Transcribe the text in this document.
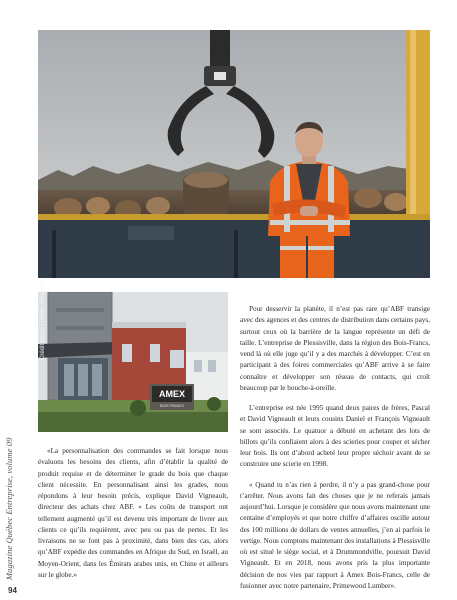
AMEX
BOIS FRANCS
Crédit photo : Pierre Bourcier	Pour desservir la planète, il n’est pas rare qu’ABF transige avec des agences et des centres de distribution dans certains pays, surtout ceux où la barrière de la langue représente un défi de taille. L’entreprise de Plessisville, dans la région des Bois-Francs, vend là où elle juge qu’il y a des marchés à développer. C’est en participant à des foires commerciales qu’ABF arrive à se faire connaître et développer son réseau de contacts, qui croît beaucoup par le bouche-à-oreille.

L’entreprise est née 1995 quand deux paires de frères, Pascal et David Vigneault et leurs cousins Daniel et François Vigneault se sont associés. Le quatuor a débuté en achetant des lots de billots qu’ils confiaient alors à des scieries pour couper et sécher leur bois. Ils ont d’abord acheté leur propre séchoir avant de se construire une scierie en 1998.

« Quand tu n’as rien à perdre, il n’y a pas grand-chose pour t’arrêter. Nous avons fait des choses que je ne referais jamais aujourd’hui. Lorsque je considère que nous avons maintenant une centaine d’employés et que notre chiffre d’affaires oscille autour des 100 millions de dollars de ventes annuelles, j’en ai parfois le vertige. Nous comptons maintenant des installations à Plessisville où est situé le siège social, et à Drummondville, poursuit David Vigneault. Et en 2018, nous avons pris la plus importante décision de nos vies par rapport à Amex Bois-Francs, celle de fusionner avec notre partenaire, Primewood Lumber».

«La personnalisation des commandes se fait lorsque nous évaluons les besoins des clients, afin d’établir la qualité de produit requise et de déterminer le grade du bois que chaque client nécessite. En personnalisant ainsi les grades, nous répondons à leur besoin précis, explique David Vigneault, directeur des achats chez ABF. « Les coûts de transport ont tellement augmenté qu’il est devenu très important de livrer aux clients ce qu’ils requièrent, avec peu ou pas de pertes. Et les livraisons ne se font pas à proximité, dans bien des cas, alors qu’ABF expédie des commandes en Afrique du Sud, en Israël, au Moyen-Orient, dans les Émirats arabes unis, en Chine et ailleurs sur le globe.»

Magazine Québec Entreprise, volume 09
94
